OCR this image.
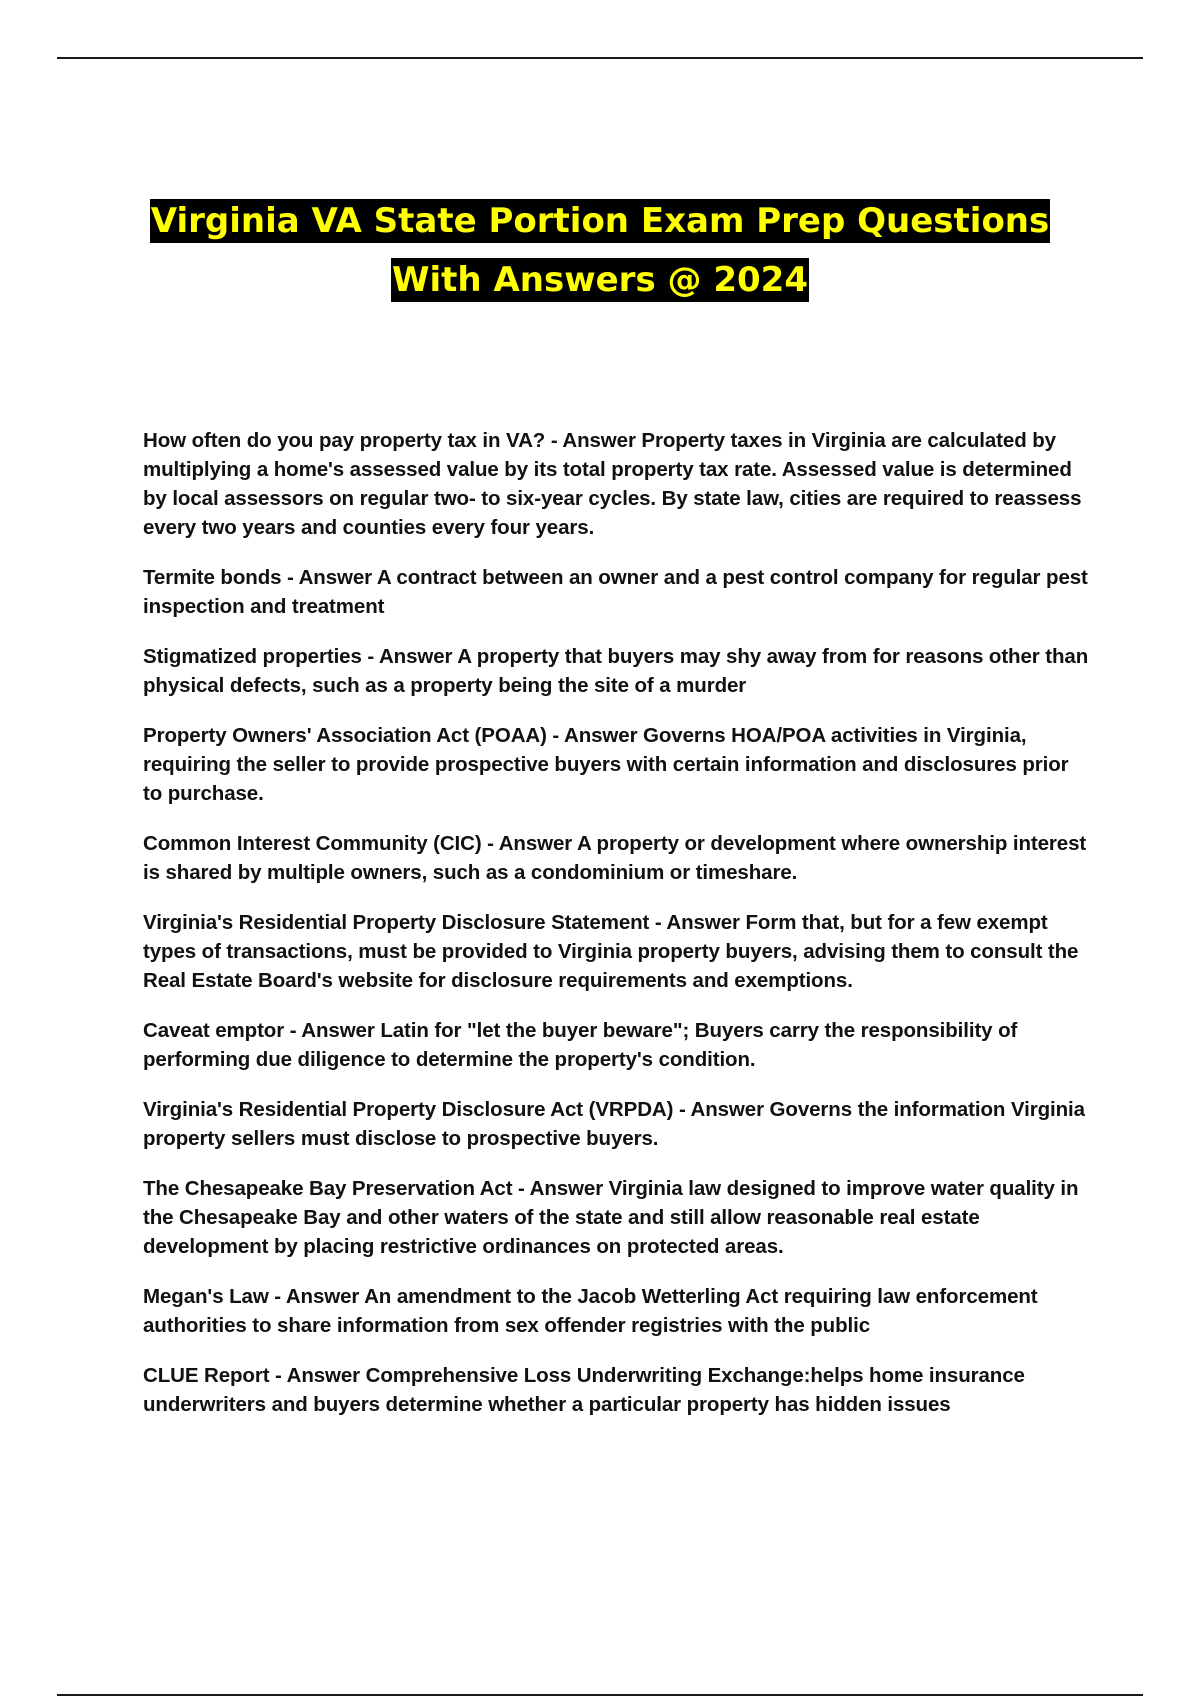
Virginia VA State Portion Exam Prep Questions
With Answers @ 2024

How often do you pay property tax in VA? - Answer Property taxes in Virginia are calculated by multiplying a home's assessed value by its total property tax rate. Assessed value is determined by local assessors on regular two- to six-year cycles. By state law, cities are required to reassess every two years and counties every four years.

Termite bonds - Answer A contract between an owner and a pest control company for regular pest inspection and treatment

Stigmatized properties - Answer A property that buyers may shy away from for reasons other than physical defects, such as a property being the site of a murder

Property Owners' Association Act (POAA) - Answer Governs HOA/POA activities in Virginia, requiring the seller to provide prospective buyers with certain information and disclosures prior to purchase.

Common Interest Community (CIC) - Answer A property or development where ownership interest is shared by multiple owners, such as a condominium or timeshare.

Virginia's Residential Property Disclosure Statement - Answer Form that, but for a few exempt types of transactions, must be provided to Virginia property buyers, advising them to consult the Real Estate Board's website for disclosure requirements and exemptions.

Caveat emptor - Answer Latin for "let the buyer beware"; Buyers carry the responsibility of performing due diligence to determine the property's condition.

Virginia's Residential Property Disclosure Act (VRPDA) - Answer Governs the information Virginia property sellers must disclose to prospective buyers.

The Chesapeake Bay Preservation Act - Answer Virginia law designed to improve water quality in the Chesapeake Bay and other waters of the state and still allow reasonable real estate development by placing restrictive ordinances on protected areas.

Megan's Law - Answer An amendment to the Jacob Wetterling Act requiring law enforcement authorities to share information from sex offender registries with the public

CLUE Report - Answer Comprehensive Loss Underwriting Exchange:helps home insurance underwriters and buyers determine whether a particular property has hidden issues
